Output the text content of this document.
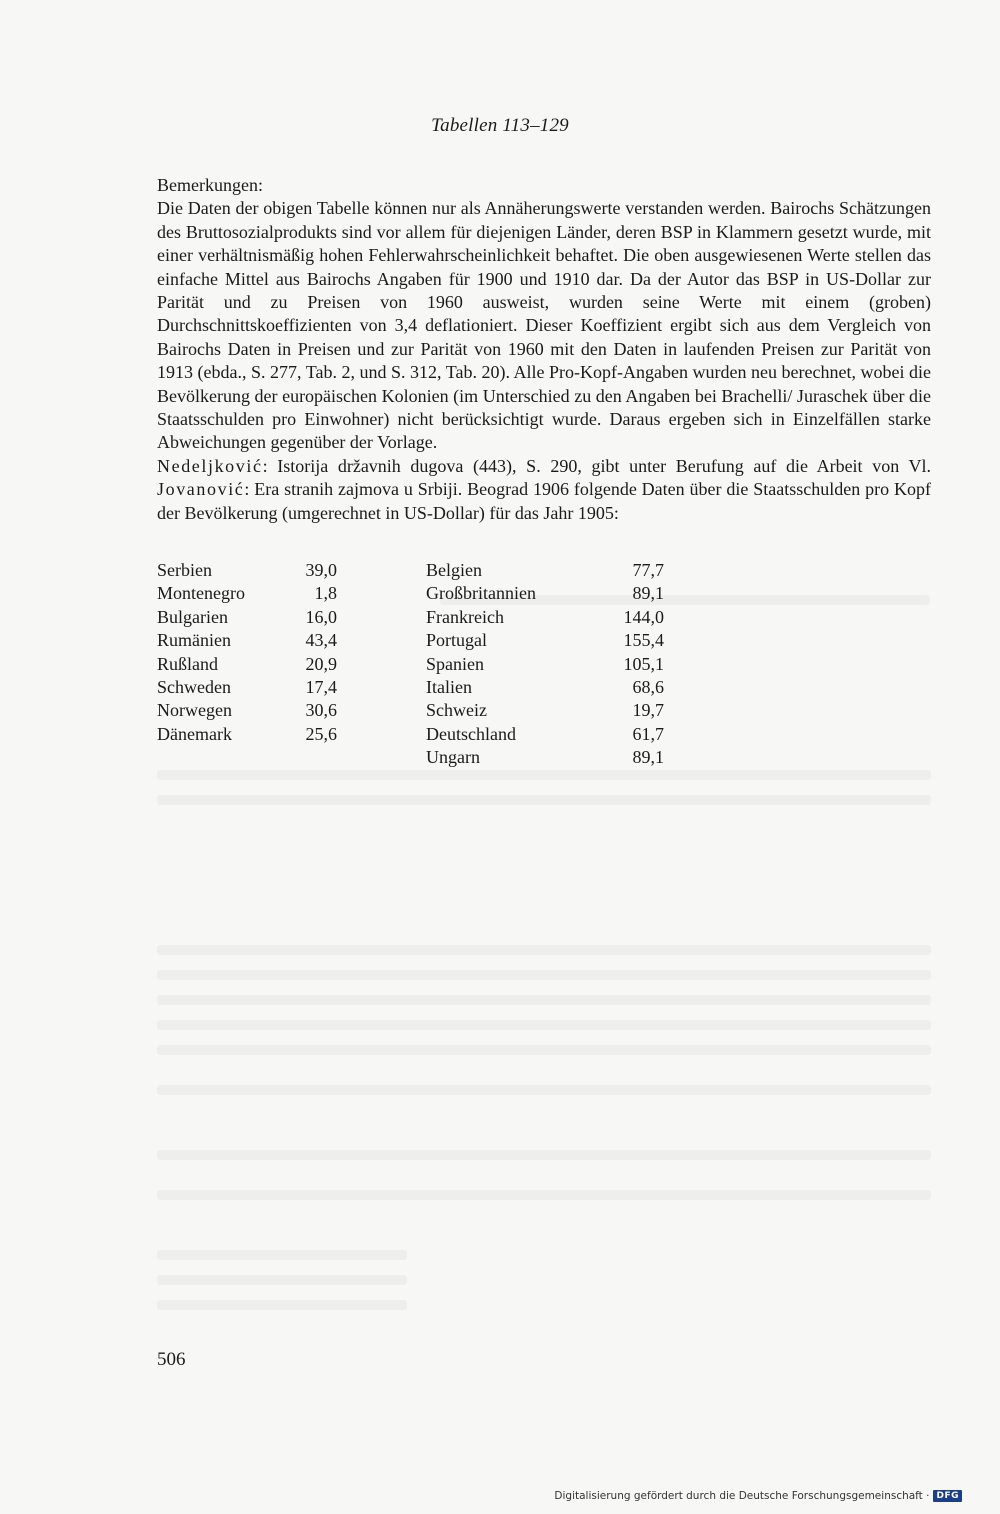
Tabellen 113–129
Bemerkungen:

Die Daten der obigen Tabelle können nur als Annäherungswerte verstanden werden. Bairochs Schätzungen des Bruttosozialprodukts sind vor allem für diejenigen Länder, deren BSP in Klammern gesetzt wurde, mit einer verhältnismäßig hohen Fehlerwahrscheinlichkeit behaftet. Die oben ausgewiesenen Werte stellen das einfache Mittel aus Bairochs Angaben für 1900 und 1910 dar. Da der Autor das BSP in US-Dollar zur Parität und zu Preisen von 1960 ausweist, wurden seine Werte mit einem (groben) Durchschnittskoeffizienten von 3,4 deflationiert. Dieser Koeffizient ergibt sich aus dem Vergleich von Bairochs Daten in Preisen und zur Parität von 1960 mit den Daten in laufenden Preisen zur Parität von 1913 (ebda., S. 277, Tab. 2, und S. 312, Tab. 20). Alle Pro-Kopf-Angaben wurden neu berechnet, wobei die Bevölkerung der europäischen Kolonien (im Unterschied zu den Angaben bei Brachelli/ Juraschek über die Staatsschulden pro Einwohner) nicht berücksichtigt wurde. Daraus ergeben sich in Einzelfällen starke Abweichungen gegenüber der Vorlage.

Nedeljković: Istorija državnih dugova (443), S. 290, gibt unter Berufung auf die Arbeit von Vl. Jovanović: Era stranih zajmova u Srbiji. Beograd 1906 folgende Daten über die Staatsschulden pro Kopf der Bevölkerung (umgerechnet in US-Dollar) für das Jahr 1905:

Serbien	39,0
Montenegro	1,8
Bulgarien	16,0
Rumänien	43,4
Rußland	20,9
Schweden	17,4
Norwegen	30,6
Dänemark	25,6
Belgien	77,7
Großbritannien	89,1
Frankreich	144,0
Portugal	155,4
Spanien	105,1
Italien	68,6
Schweiz	19,7
Deutschland	61,7
Ungarn	89,1
506
Digitalisierung gefördert durch die Deutsche Forschungsgemeinschaft · DFG
